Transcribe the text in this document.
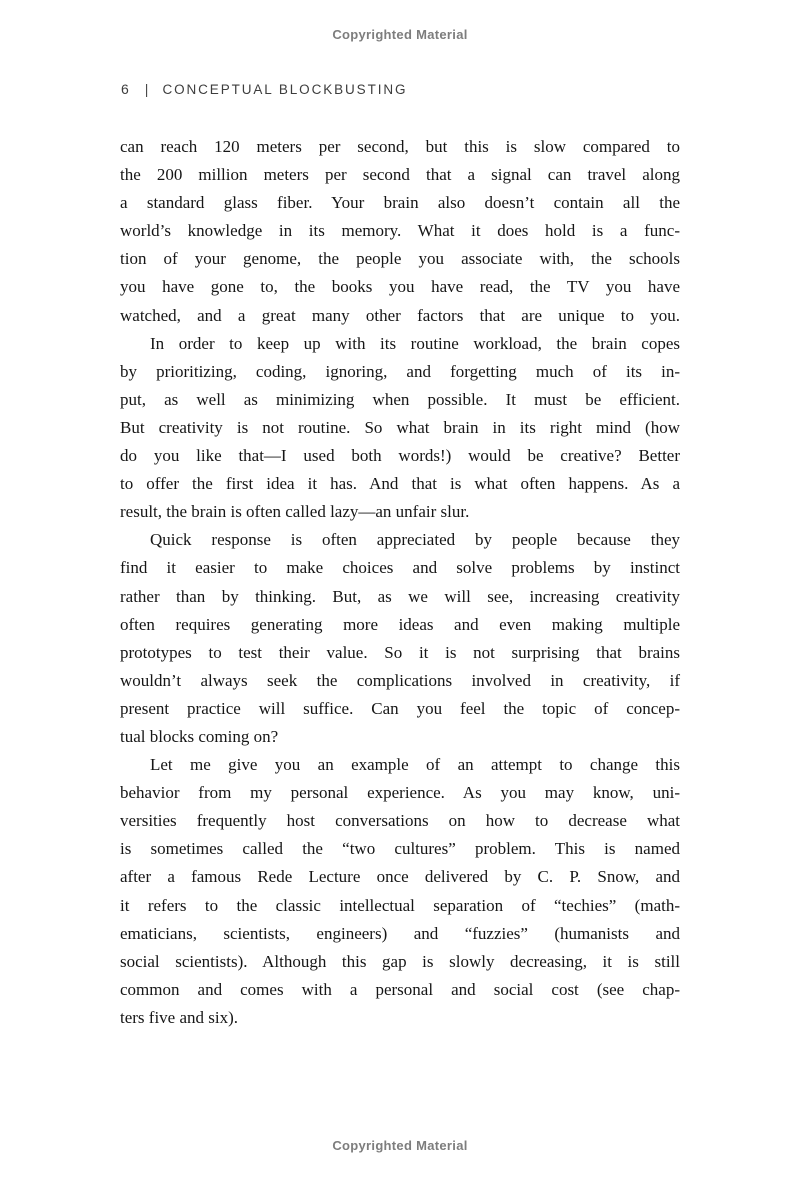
Copyrighted Material
6 | CONCEPTUAL BLOCKBUSTING
can reach 120 meters per second, but this is slow compared to
the 200 million meters per second that a signal can travel along
a standard glass fiber. Your brain also doesn’t contain all the
world’s knowledge in its memory. What it does hold is a func-
tion of your genome, the people you associate with, the schools
you have gone to, the books you have read, the TV you have
watched, and a great many other factors that are unique to you.
In order to keep up with its routine workload, the brain copes
by prioritizing, coding, ignoring, and forgetting much of its in-
put, as well as minimizing when possible. It must be efficient.
But creativity is not routine. So what brain in its right mind (how
do you like that—I used both words!) would be creative? Better
to offer the first idea it has. And that is what often happens. As a
result, the brain is often called lazy—an unfair slur.
Quick response is often appreciated by people because they
find it easier to make choices and solve problems by instinct
rather than by thinking. But, as we will see, increasing creativity
often requires generating more ideas and even making multiple
prototypes to test their value. So it is not surprising that brains
wouldn’t always seek the complications involved in creativity, if
present practice will suffice. Can you feel the topic of concep-
tual blocks coming on?
Let me give you an example of an attempt to change this
behavior from my personal experience. As you may know, uni-
versities frequently host conversations on how to decrease what
is sometimes called the “two cultures” problem. This is named
after a famous Rede Lecture once delivered by C. P. Snow, and
it refers to the classic intellectual separation of “techies” (math-
ematicians, scientists, engineers) and “fuzzies” (humanists and
social scientists). Although this gap is slowly decreasing, it is still
common and comes with a personal and social cost (see chap-
ters five and six).
Copyrighted Material
